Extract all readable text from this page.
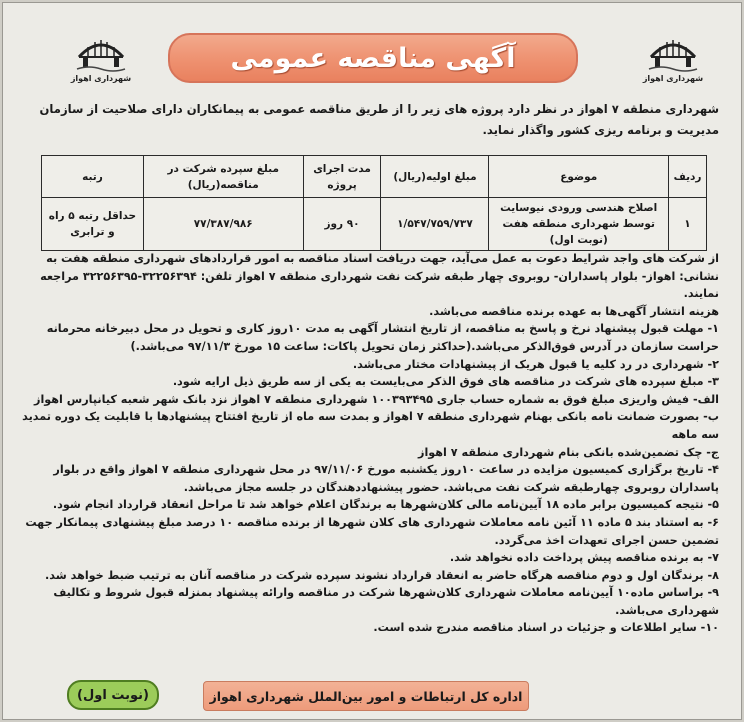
شهرداری اهواز
آگهی مناقصه عمومی
شهرداری اهواز

شهرداری منطقه ۷ اهواز در نظر دارد پروژه های زیر را از طریق مناقصه عمومی به پیمانکاران دارای صلاحیت از سازمان مدیریت و برنامه ریزی کشور واگذار نماید.

ردیف	موضوع	مبلغ اولیه(ریال)	مدت اجرای پروژه	مبلغ سپرده شرکت در مناقصه(ریال)	رتبه
۱	اصلاح هندسی ورودی نیوسایت توسط شهرداری منطقه هفت (نوبت اول)	۱/۵۴۷/۷۵۹/۷۳۷	۹۰ روز	۷۷/۳۸۷/۹۸۶	حداقل رتبه ۵ راه و ترابری

از شرکت های واجد شرایط دعوت به عمل می‌آید، جهت دریافت اسناد مناقصه به امور قراردادهای شهرداری منطقه هفت به نشانی: اهواز- بلوار پاسداران- روبروی چهار طبقه شرکت نفت شهرداری منطقه ۷ اهواز تلفن: ۳۲۲۵۶۳۹۴-۳۲۲۵۶۳۹۵ مراجعه نمایند.

هزینه انتشار آگهی‌ها به عهده برنده مناقصه می‌باشد.

۱- مهلت قبول پیشنهاد نرخ و پاسخ به مناقصه، از تاریخ انتشار آگهی به مدت ۱۰روز کاری و تحویل در محل دبیرخانه محرمانه حراست سازمان در آدرس فوق‌الذکر می‌باشد.(حداکثر زمان تحویل پاکات: ساعت ۱۵ مورخ ۹۷/۱۱/۳ می‌باشد.)

۲- شهرداری در رد کلیه یا قبول هریک از پیشنهادات مختار می‌باشد.

۳- مبلغ سپرده های شرکت در مناقصه های فوق الذکر می‌بایست به یکی از سه طریق ذیل ارایه شود.

الف- فیش واریزی مبلغ فوق به شماره حساب جاری ۱۰۰۳۹۳۴۹۵ شهرداری منطقه ۷ اهواز نزد بانک شهر شعبه کیانپارس اهواز

ب- بصورت ضمانت نامه بانکی بهنام شهرداری منطقه ۷ اهواز و بمدت سه ماه از تاریخ افتتاح پیشنهادها با قابلیت یک دوره تمدید سه ماهه

ج- چک تضمین‌شده بانکی بنام شهرداری منطقه ۷ اهواز

۴- تاریخ برگزاری کمیسیون مزایده در ساعت ۱۰روز یکشنبه مورخ ۹۷/۱۱/۰۶ در محل شهرداری منطقه ۷ اهواز واقع در بلوار پاسداران روبروی چهارطبقه شرکت نفت می‌باشد. حضور پیشنهاددهندگان در جلسه مجاز می‌باشد.

۵- نتیجه کمیسیون برابر ماده ۱۸ آیین‌نامه مالی کلان‌شهرها به برندگان اعلام خواهد شد تا مراحل انعقاد قرارداد انجام شود.

۶- به استناد بند ۵ ماده ۱۱ آئین نامه معاملات شهرداری های کلان شهرها از برنده مناقصه ۱۰ درصد مبلغ پیشنهادی پیمانکار جهت تضمین حسن اجرای تعهدات اخذ می‌گردد.

۷- به برنده مناقصه پیش پرداخت داده نخواهد شد.

۸- برندگان اول و دوم مناقصه هرگاه حاضر به انعقاد قرارداد نشوند سپرده شرکت در مناقصه آنان به ترتیب ضبط خواهد شد.

۹- براساس ماده۱۰ آیین‌نامه معاملات شهرداری کلان‌شهرها شرکت در مناقصه وارائه پیشنهاد بمنزله قبول شروط و تکالیف شهرداری می‌باشد.

۱۰- سایر اطلاعات و جزئیات در اسناد مناقصه مندرج شده است.

اداره کل ارتباطات و امور بین‌الملل شهرداری اهواز
(نوبت اول)
